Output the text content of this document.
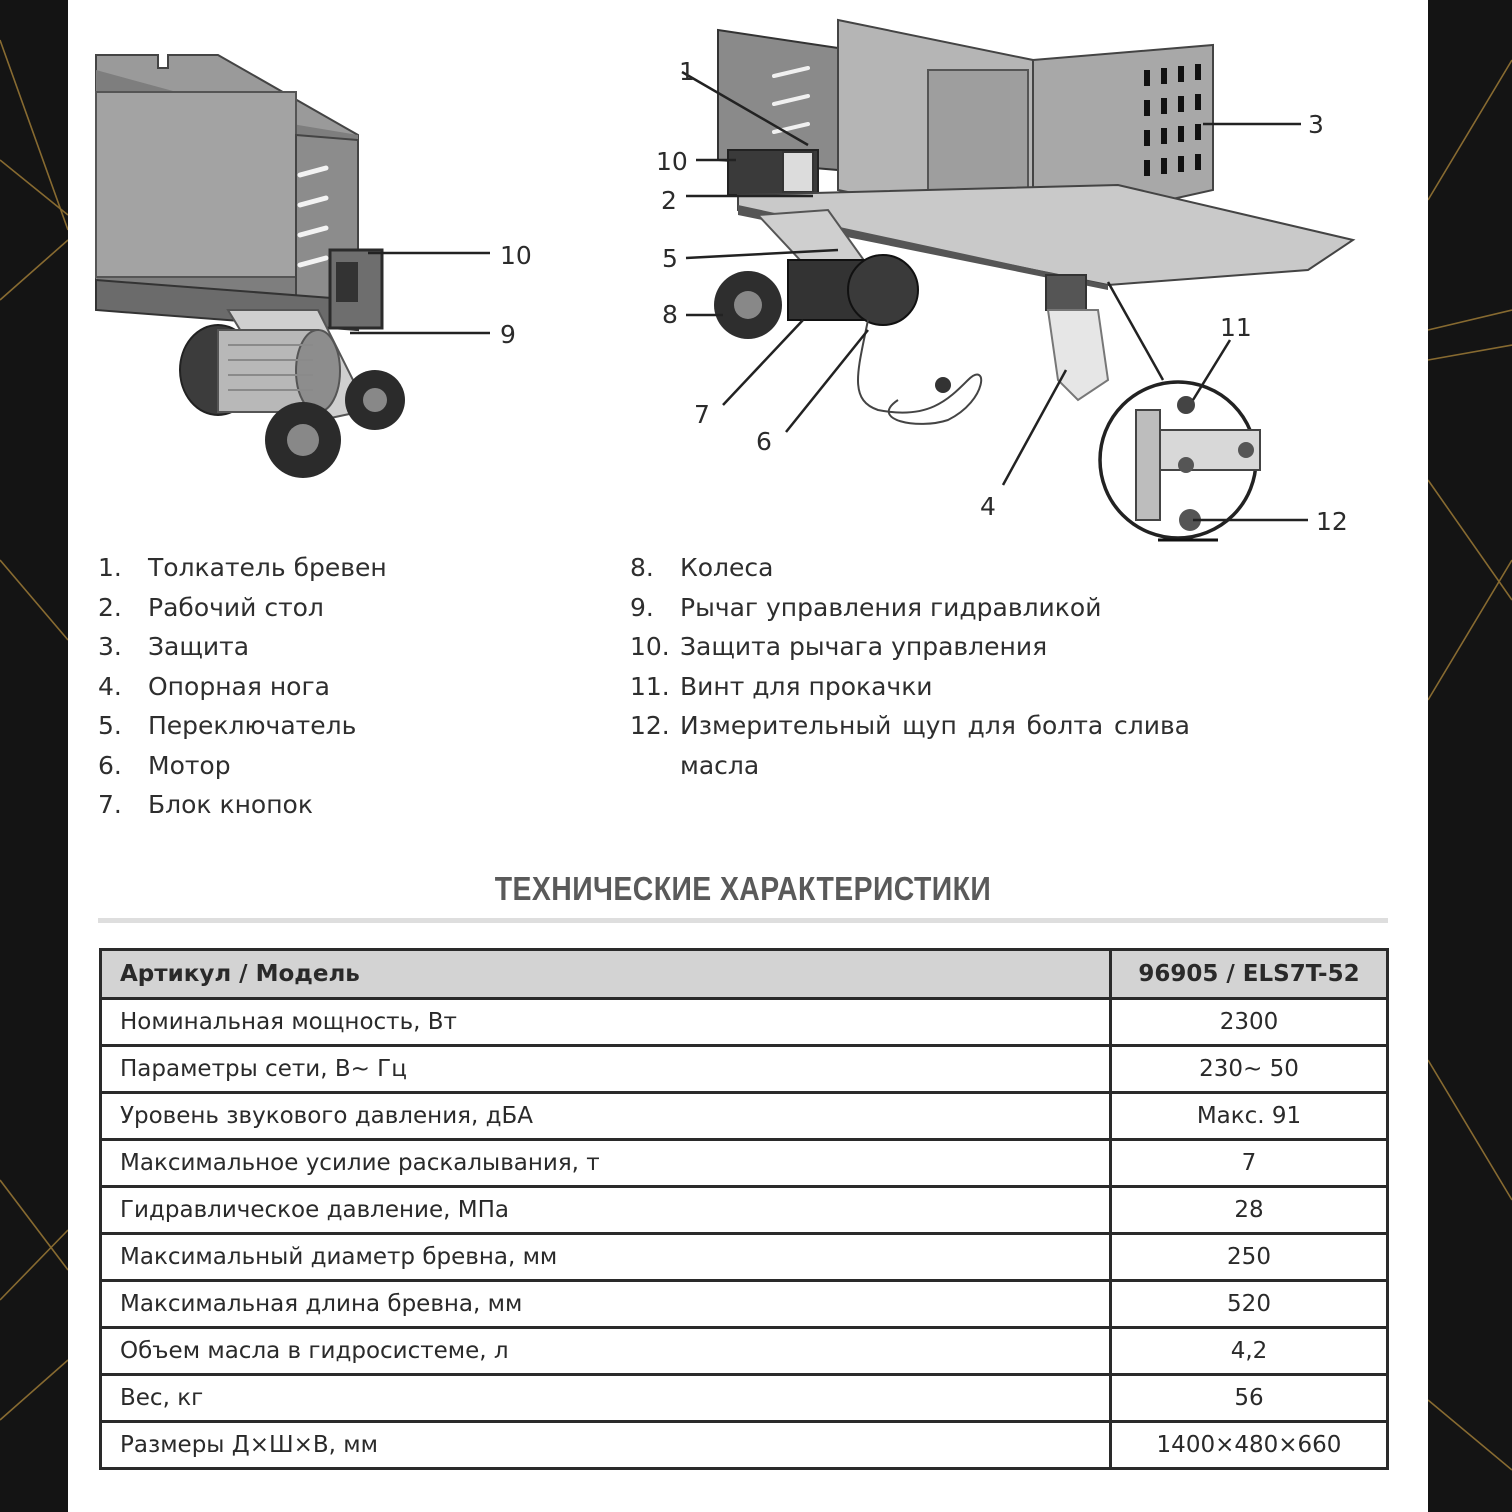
10
9
1
10
2
5
8
7
6
4
3
11
12
1.	Толкатель бревен
2.	Рабочий стол
3.	Защита
4.	Опорная нога
5.	Переключатель
6.	Мотор
7.	Блок кнопок
8.	Колеса
9.	Рычаг управления гидравликой
10. Защита рычага управления
11. Винт для прокачки
12. Измерительный щуп для болта слива масла
ТЕХНИЧЕСКИЕ ХАРАКТЕРИСТИКИ
Артикул / Модель	96905 / ELS7T-52
Номинальная мощность, Вт	2300
Параметры сети, В~ Гц	230~ 50
Уровень звукового давления, дБА	Макс. 91
Максимальное усилие раскалывания, т	7
Гидравлическое давление, МПа	28
Максимальный диаметр бревна, мм	250
Максимальная длина бревна, мм	520
Объем масла в гидросистеме, л	4,2
Вес, кг	56
Размеры Д×Ш×В, мм	1400×480×660
